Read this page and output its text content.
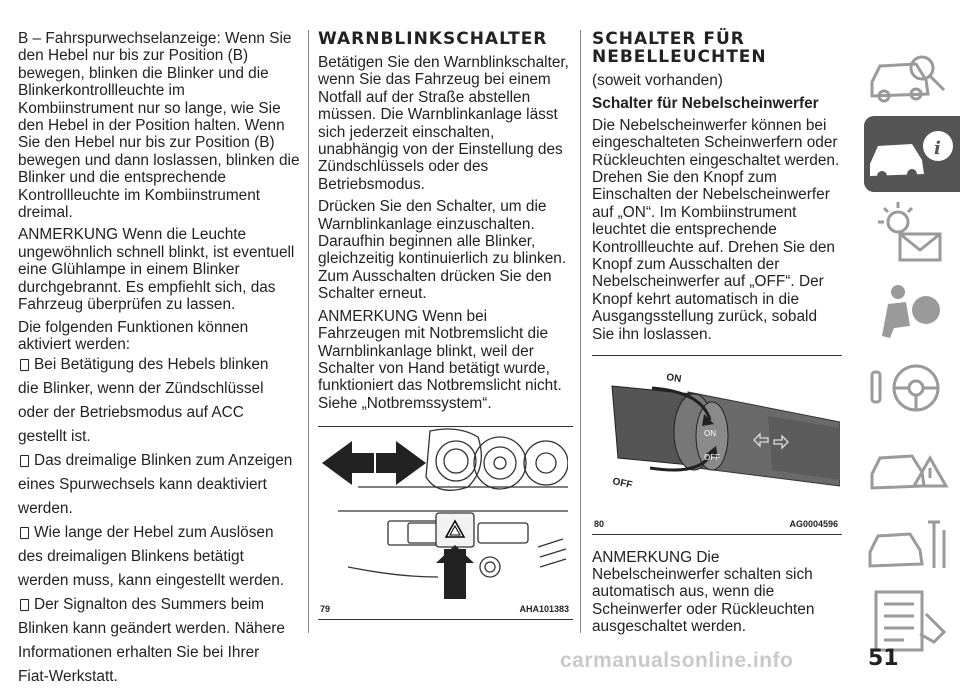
B – Fahrspurwechselanzeige: Wenn Sie den Hebel nur bis zur Position (B) bewegen, blinken die Blinker und die Blinkerkontrollleuchte im Kombiinstrument nur so lange, wie Sie den Hebel in der Position halten. Wenn Sie den Hebel nur bis zur Position (B) bewegen und dann loslassen, blinken die Blinker und die entsprechende Kontrollleuchte im Kombiinstrument dreimal.

ANMERKUNG Wenn die Leuchte ungewöhnlich schnell blinkt, ist eventuell eine Glühlampe in einem Blinker durchgebrannt. Es empfiehlt sich, das Fahrzeug überprüfen zu lassen.

Die folgenden Funktionen können aktiviert werden:

Bei Betätigung des Hebels blinken
die Blinker, wenn der Zündschlüssel
oder der Betriebsmodus auf ACC
gestellt ist.
Das dreimalige Blinken zum Anzeigen
eines Spurwechsels kann deaktiviert
werden.
Wie lange der Hebel zum Auslösen
des dreimaligen Blinkens betätigt
werden muss, kann eingestellt werden.
Der Signalton des Summers beim
Blinken kann geändert werden. Nähere
Informationen erhalten Sie bei Ihrer
Fiat-Werkstatt.
WARNBLINKSCHALTER

Betätigen Sie den Warnblinkschalter, wenn Sie das Fahrzeug bei einem Notfall auf der Straße abstellen müssen. Die Warnblinkanlage lässt sich jederzeit einschalten, unabhängig von der Einstellung des Zündschlüssels oder des Betriebsmodus.

Drücken Sie den Schalter, um die Warnblinkanlage einzuschalten. Daraufhin beginnen alle Blinker, gleichzeitig kontinuierlich zu blinken. Zum Ausschalten drücken Sie den Schalter erneut.

ANMERKUNG Wenn bei Fahrzeugen mit Notbremslicht die Warnblinkanlage blinkt, weil der Schalter von Hand betätigt wurde, funktioniert das Notbremslicht nicht. Siehe „Notbremssystem“.

79	AHA101383
SCHALTER FÜR NEBELLEUCHTEN

(soweit vorhanden)

Schalter für Nebelscheinwerfer

Die Nebelscheinwerfer können bei eingeschalteten Scheinwerfern oder Rückleuchten eingeschaltet werden. Drehen Sie den Knopf zum Einschalten der Nebelscheinwerfer auf „ON“. Im Kombiinstrument leuchtet die entsprechende Kontrollleuchte auf. Drehen Sie den Knopf zum Ausschalten der Nebelscheinwerfer auf „OFF“. Der Knopf kehrt automatisch in die Ausgangsstellung zurück, sobald Sie ihn loslassen.

ON
OFF
ON
OFF
80	AG0004596

ANMERKUNG Die Nebelscheinwerfer schalten sich automatisch aus, wenn die Scheinwerfer oder Rückleuchten ausgeschaltet werden.

i
carmanualsonline.info	51
